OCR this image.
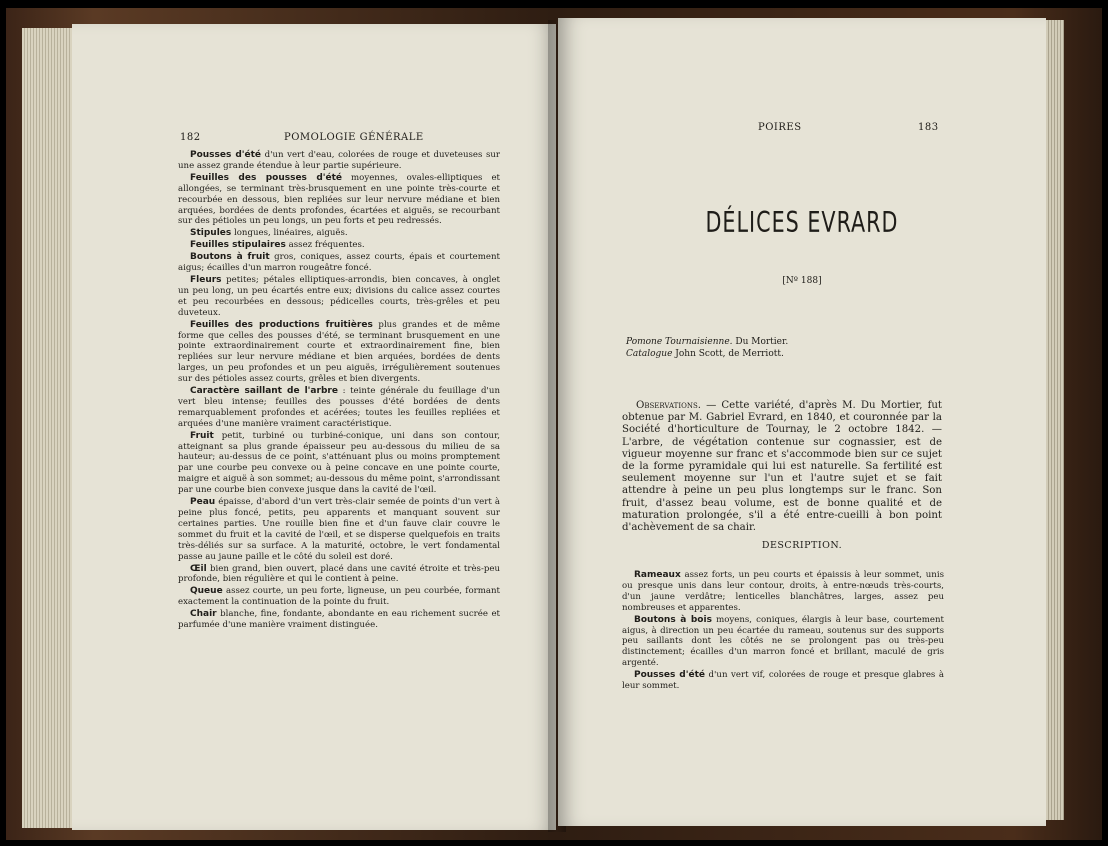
182	POMOLOGIE GÉNÉRALE

Pousses d'été d'un vert d'eau, colorées de rouge et duveteuses sur une assez grande étendue à leur partie supérieure.

Feuilles des pousses d'été moyennes, ovales-elliptiques et allongées, se terminant très-brusquement en une pointe très-courte et recourbée en dessous, bien repliées sur leur nervure médiane et bien arquées, bordées de dents profondes, écartées et aiguës, se recourbant sur des pétioles un peu longs, un peu forts et peu redressés.

Stipules longues, linéaires, aiguës.

Feuilles stipulaires assez fréquentes.

Boutons à fruit gros, coniques, assez courts, épais et courtement aigus; écailles d'un marron rougeâtre foncé.

Fleurs petites; pétales elliptiques-arrondis, bien concaves, à onglet un peu long, un peu écartés entre eux; divisions du calice assez courtes et peu recourbées en dessous; pédicelles courts, très-grêles et peu duveteux.

Feuilles des productions fruitières plus grandes et de même forme que celles des pousses d'été, se terminant brusquement en une pointe extraordinairement courte et extraordinairement fine, bien repliées sur leur nervure médiane et bien arquées, bordées de dents larges, un peu profondes et un peu aiguës, irrégulièrement soutenues sur des pétioles assez courts, grêles et bien divergents.

Caractère saillant de l'arbre : teinte générale du feuillage d'un vert bleu intense; feuilles des pousses d'été bordées de dents remarquablement profondes et acérées; toutes les feuilles repliées et arquées d'une manière vraiment caractéristique.

Fruit petit, turbiné ou turbiné-conique, uni dans son contour, atteignant sa plus grande épaisseur peu au-dessous du milieu de sa hauteur; au-dessus de ce point, s'atténuant plus ou moins promptement par une courbe peu convexe ou à peine concave en une pointe courte, maigre et aiguë à son sommet; au-dessous du même point, s'arrondissant par une courbe bien convexe jusque dans la cavité de l'œil.

Peau épaisse, d'abord d'un vert très-clair semée de points d'un vert à peine plus foncé, petits, peu apparents et manquant souvent sur certaines parties. Une rouille bien fine et d'un fauve clair couvre le sommet du fruit et la cavité de l'œil, et se disperse quelquefois en traits très-déliés sur sa surface. A la maturité, octobre, le vert fondamental passe au jaune paille et le côté du soleil est doré.

Œil bien grand, bien ouvert, placé dans une cavité étroite et très-peu profonde, bien régulière et qui le contient à peine.

Queue assez courte, un peu forte, ligneuse, un peu courbée, formant exactement la continuation de la pointe du fruit.

Chair blanche, fine, fondante, abondante en eau richement sucrée et parfumée d'une manière vraiment distinguée.

POIRES	183
DÉLICES EVRARD
[Nº 188]
Pomone Tournaisienne. Du Mortier.
Catalogue John Scott, de Merriott.

Observations. — Cette variété, d'après M. Du Mortier, fut obtenue par M. Gabriel Evrard, en 1840, et couronnée par la Société d'horticulture de Tournay, le 2 octobre 1842. — L'arbre, de végétation contenue sur cognassier, est de vigueur moyenne sur franc et s'accommode bien sur ce sujet de la forme pyramidale qui lui est naturelle. Sa fertilité est seulement moyenne sur l'un et l'autre sujet et se fait attendre à peine un peu plus longtemps sur le franc. Son fruit, d'assez beau volume, est de bonne qualité et de maturation prolongée, s'il a été entre-cueilli à bon point d'achèvement de sa chair.

DESCRIPTION.

Rameaux assez forts, un peu courts et épaissis à leur sommet, unis ou presque unis dans leur contour, droits, à entre-nœuds très-courts, d'un jaune verdâtre; lenticelles blanchâtres, larges, assez peu nombreuses et apparentes.

Boutons à bois moyens, coniques, élargis à leur base, courtement aigus, à direction un peu écartée du rameau, soutenus sur des supports peu saillants dont les côtés ne se prolongent pas ou très-peu distinctement; écailles d'un marron foncé et brillant, maculé de gris argenté.

Pousses d'été d'un vert vif, colorées de rouge et presque glabres à leur sommet.
